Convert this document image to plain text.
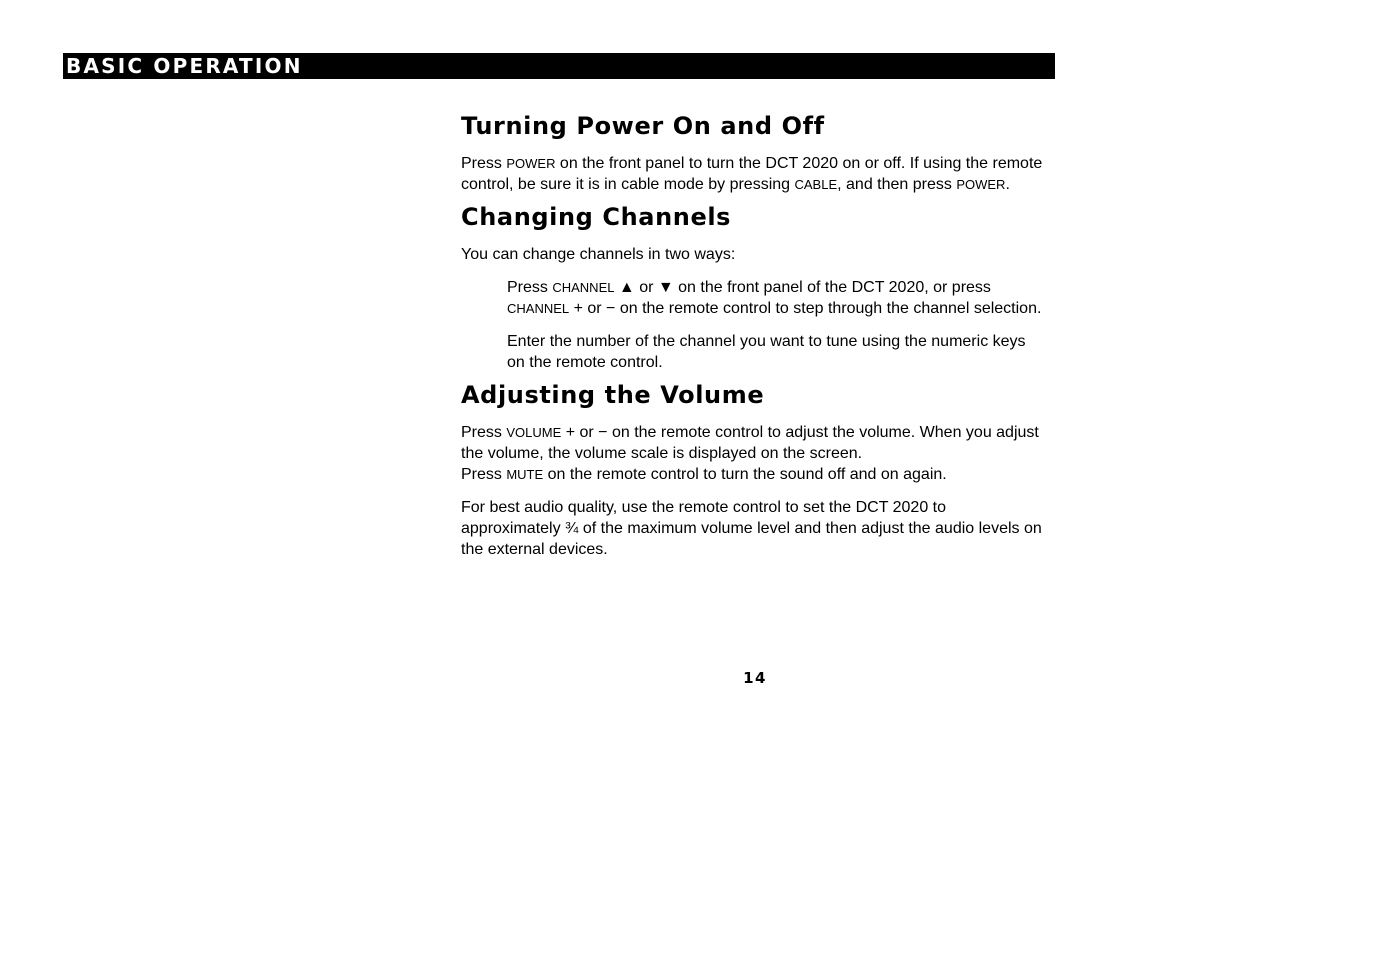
BASIC OPERATION
Turning Power On and Off

Press POWER on the front panel to turn the DCT 2020 on or off. If using the remote control, be sure it is in cable mode by pressing CABLE, and then press POWER.

Changing Channels

You can change channels in two ways:

Press CHANNEL ▲ or ▼ on the front panel of the DCT 2020, or press CHANNEL + or − on the remote control to step through the channel selection.

Enter the number of the channel you want to tune using the numeric keys on the remote control.

Adjusting the Volume

Press VOLUME + or − on the remote control to adjust the volume. When you adjust the volume, the volume scale is displayed on the screen.
Press MUTE on the remote control to turn the sound off and on again.

For best audio quality, use the remote control to set the DCT 2020 to approximately ¾ of the maximum volume level and then adjust the audio levels on the external devices.

14
